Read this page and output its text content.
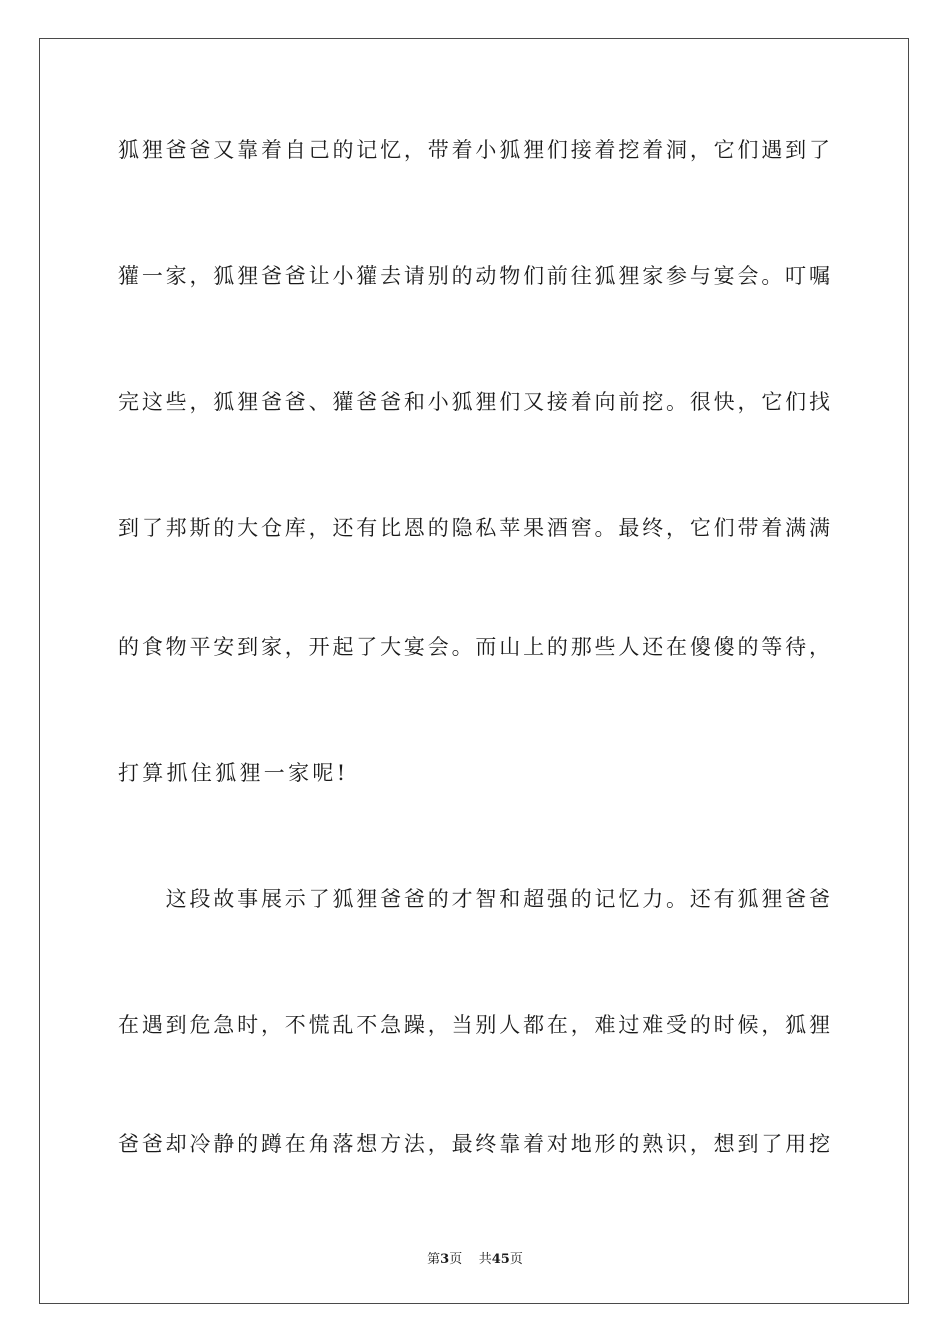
狐狸爸爸又靠着自己的记忆，带着小狐狸们接着挖着洞，它们遇到了
獾一家，狐狸爸爸让小獾去请别的动物们前往狐狸家参与宴会。叮嘱
完这些，狐狸爸爸、獾爸爸和小狐狸们又接着向前挖。很快，它们找
到了邦斯的大仓库，还有比恩的隐私苹果酒窖。最终，它们带着满满
的食物平安到家，开起了大宴会。而山上的那些人还在傻傻的等待，
打算抓住狐狸一家呢!
　　这段故事展示了狐狸爸爸的才智和超强的记忆力。还有狐狸爸爸
在遇到危急时，不慌乱不急躁，当别人都在，难过难受的时候，狐狸
爸爸却冷静的蹲在角落想方法，最终靠着对地形的熟识，想到了用挖
第3页 共45页
